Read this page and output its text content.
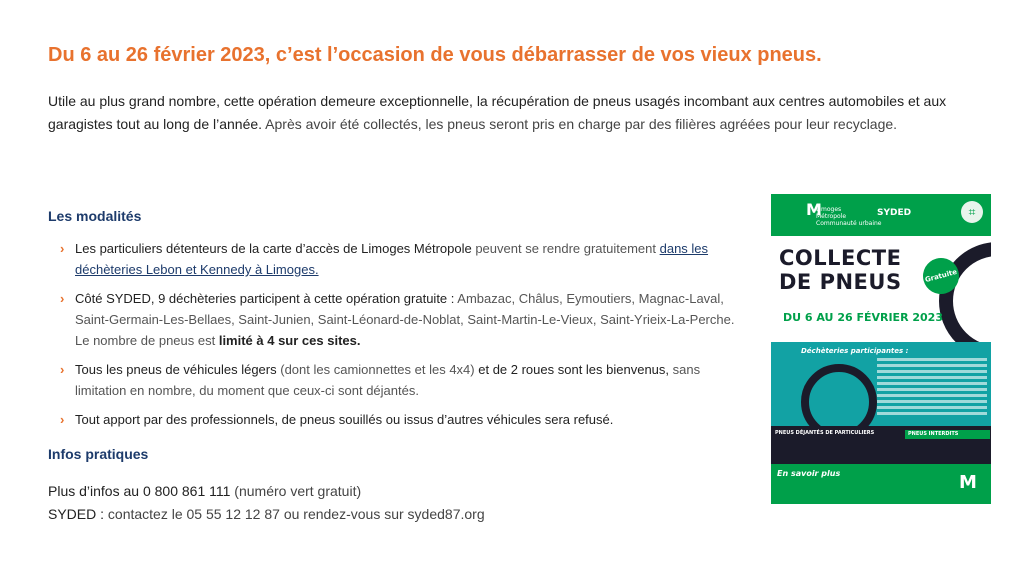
Du 6 au 26 février 2023, c’est l’occasion de vous débarrasser de vos vieux pneus.
Utile au plus grand nombre, cette opération demeure exceptionnelle, la récupération de pneus usagés incombant aux centres automobiles et aux garagistes tout au long de l’année. Après avoir été collectés, les pneus seront pris en charge par des filières agréées pour leur recyclage.
Les modalités
› Les particuliers détenteurs de la carte d’accès de Limoges Métropole peuvent se rendre gratuitement dans les déchèteries Lebon et Kennedy à Limoges.
› Côté SYDED, 9 déchèteries participent à cette opération gratuite : Ambazac, Châlus, Eymoutiers, Magnac-Laval, Saint-Germain-Les-Bellaes, Saint-Junien, Saint-Léonard-de-Noblat, Saint-Martin-Le-Vieux, Saint-Yrieix-La-Perche. Le nombre de pneus est limité à 4 sur ces sites.
› Tous les pneus de véhicules légers (dont les camionnettes et les 4x4) et de 2 roues sont les bienvenus, sans limitation en nombre, du moment que ceux-ci sont déjantés.
› Tout apport par des professionnels, de pneus souillés ou issus d’autres véhicules sera refusé.
Infos pratiques
Plus d’infos au 0 800 861 111 (numéro vert gratuit)
SYDED : contactez le 05 55 12 12 87 ou rendez-vous sur syded87.org
M
Limoges
Métropole
Communauté urbaine
SYDED	⌗
COLLECTE
DE PNEUS	Gratuite
DU 6 AU 26 FÉVRIER 2023
Déchèteries participantes :
PNEUS DÉJANTÉS DE PARTICULIERS	PNEUS INTERDITS
En savoir plus	M
